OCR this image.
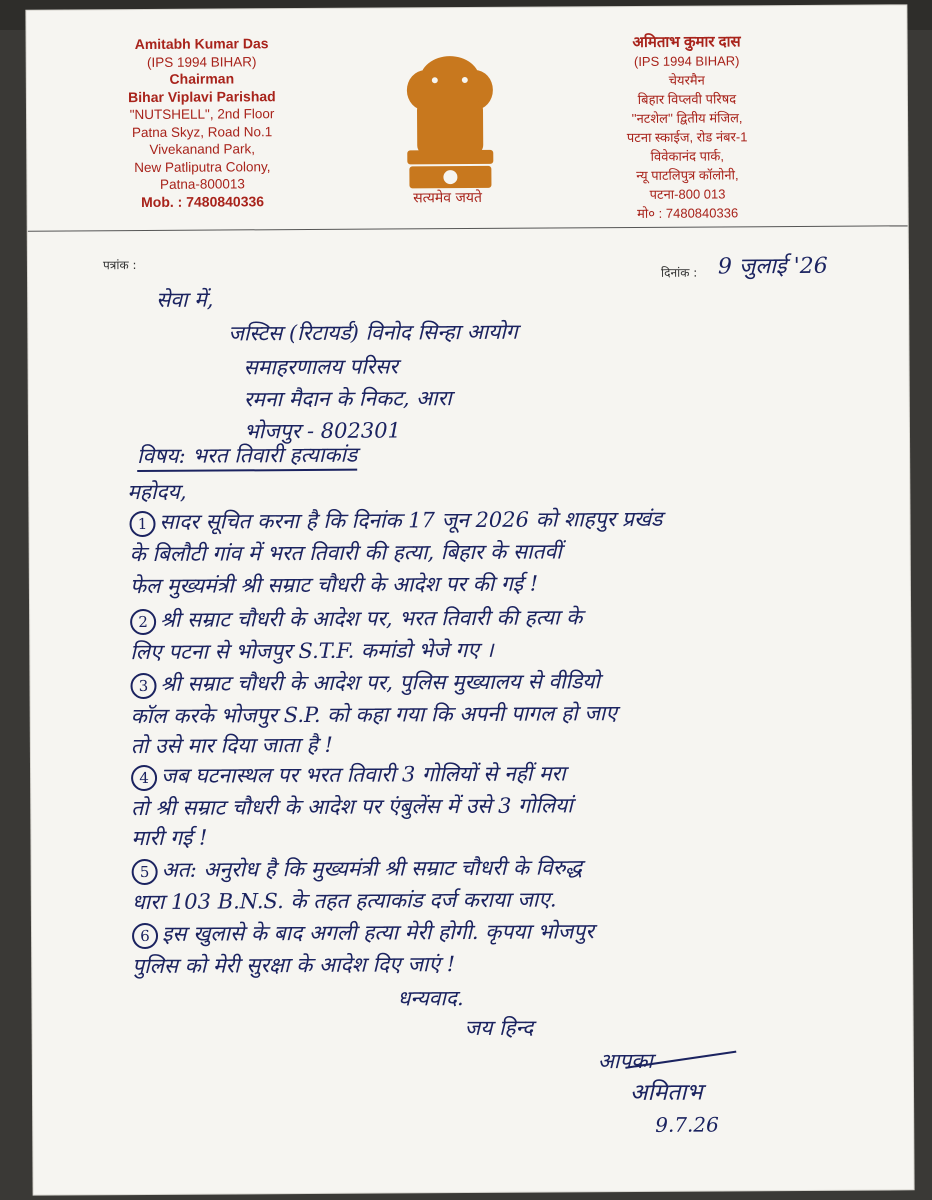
Amitabh Kumar Das
(IPS 1994 BIHAR)
Chairman
Bihar Viplavi Parishad
"NUTSHELL", 2nd Floor
Patna Skyz, Road No.1
Vivekanand Park,
New Patliputra Colony,
Patna-800013
Mob. : 7480840336	सत्यमेव जयते
अमिताभ कुमार दास
(IPS 1994 BIHAR)
चेयरमैन
बिहार विप्लवी परिषद
''नटशेल'' द्वितीय मंजिल,
पटना स्काईज, रोड नंबर-1
विवेकानंद पार्क,
न्यू पाटलिपुत्र कॉलोनी,
पटना-800 013
मो० : 7480840336
पत्रांक :
दिनांक : 9 जुलाई '26
सेवा में,
जस्टिस (रिटायर्ड) विनोद सिन्हा आयोग
समाहरणालय परिसर
रमना मैदान के निकट, आरा
भोजपुर - 802301
विषय: भरत तिवारी हत्याकांड
महोदय,
1 सादर सूचित करना है कि दिनांक 17 जून 2026 को शाहपुर प्रखंड
के बिलौटी गांव में भरत तिवारी की हत्या, बिहार के सातवीं
फेल मुख्यमंत्री श्री सम्राट चौधरी के आदेश पर की गई !
2 श्री सम्राट चौधरी के आदेश पर, भरत तिवारी की हत्या के
लिए पटना से भोजपुर S.T.F. कमांडो भेजे गए ।
3 श्री सम्राट चौधरी के आदेश पर, पुलिस मुख्यालय से वीडियो
कॉल करके भोजपुर S.P. को कहा गया कि अपनी पागल हो जाए
तो उसे मार दिया जाता है !
4 जब घटनास्थल पर भरत तिवारी 3 गोलियों से नहीं मरा
तो श्री सम्राट चौधरी के आदेश पर एंबुलेंस में उसे 3 गोलियां
मारी गई !
5 अत: अनुरोध है कि मुख्यमंत्री श्री सम्राट चौधरी के विरुद्ध
धारा 103 B.N.S. के तहत हत्याकांड दर्ज कराया जाए.
6 इस खुलासे के बाद अगली हत्या मेरी होगी. कृपया भोजपुर
पुलिस को मेरी सुरक्षा के आदेश दिए जाएं !
धन्यवाद.
जय हिन्द
आपका
अमिताभ
9.7.26
